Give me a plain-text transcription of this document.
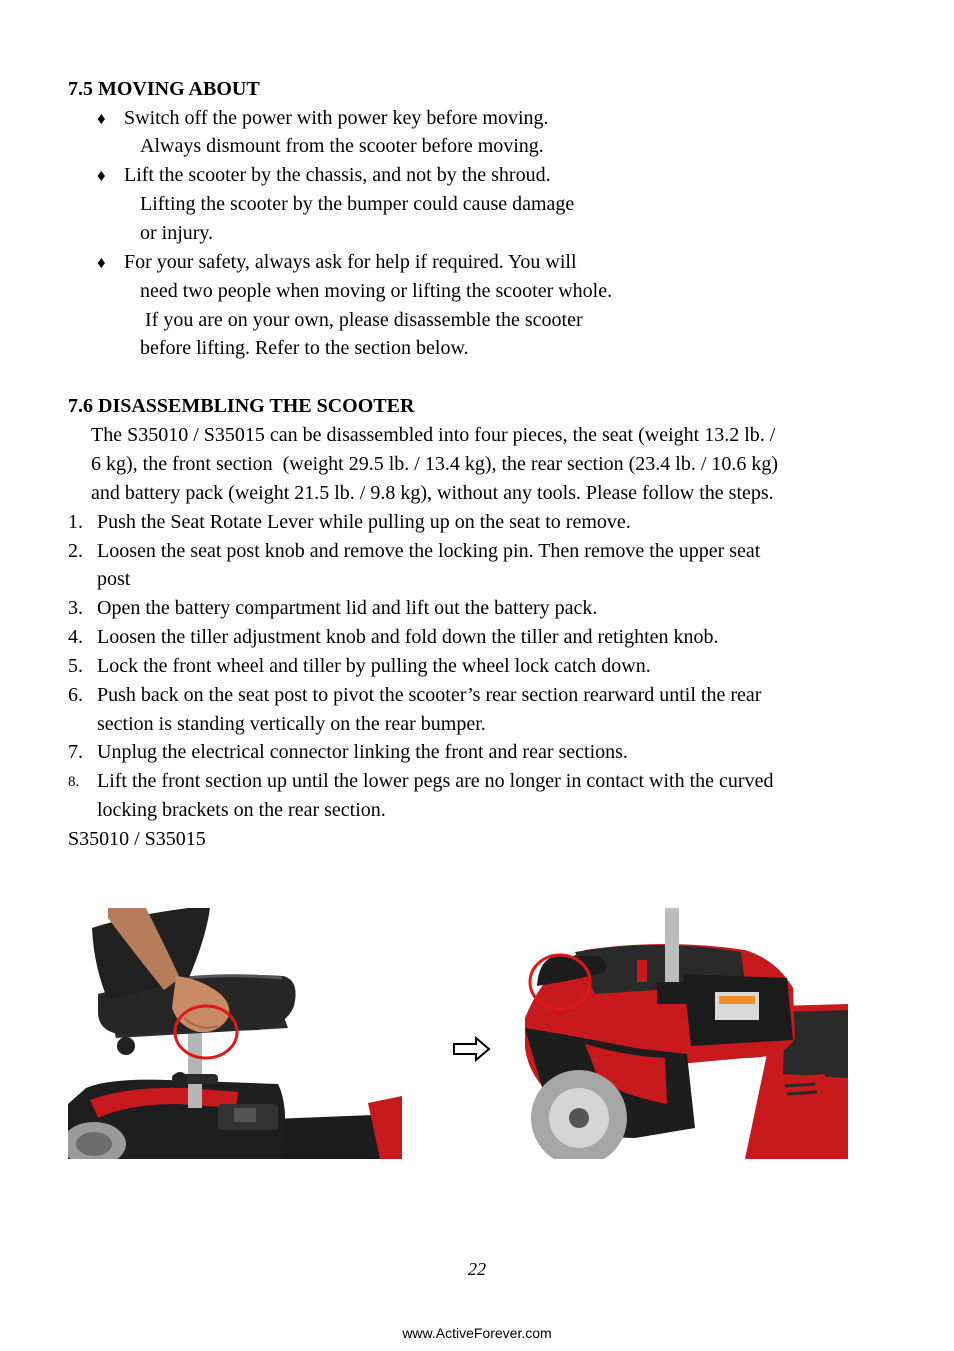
7.5 MOVING ABOUT
♦ Switch off the power with power key before moving.
Always dismount from the scooter before moving.
♦ Lift the scooter by the chassis, and not by the shroud.
Lifting the scooter by the bumper could cause damage
or injury.
♦ For your safety, always ask for help if required. You will
need two people when moving or lifting the scooter whole.
If you are on your own, please disassemble the scooter
before lifting. Refer to the section below.
7.6 DISASSEMBLING THE SCOOTER
The S35010 / S35015 can be disassembled into four pieces, the seat (weight 13.2 lb. /
6 kg), the front section  (weight 29.5 lb. / 13.4 kg), the rear section (23.4 lb. / 10.6 kg)
and battery pack (weight 21.5 lb. / 9.8 kg), without any tools. Please follow the steps.
1. Push the Seat Rotate Lever while pulling up on the seat to remove.
2. Loosen the seat post knob and remove the locking pin. Then remove the upper seat
post
3. Open the battery compartment lid and lift out the battery pack.
4. Loosen the tiller adjustment knob and fold down the tiller and retighten knob.
5. Lock the front wheel and tiller by pulling the wheel lock catch down.
6. Push back on the seat post to pivot the scooter’s rear section rearward until the rear
section is standing vertically on the rear bumper.
7. Unplug the electrical connector linking the front and rear sections.
8. Lift the front section up until the lower pegs are no longer in contact with the curved
locking brackets on the rear section.
S35010 / S35015
22
www.ActiveForever.com
